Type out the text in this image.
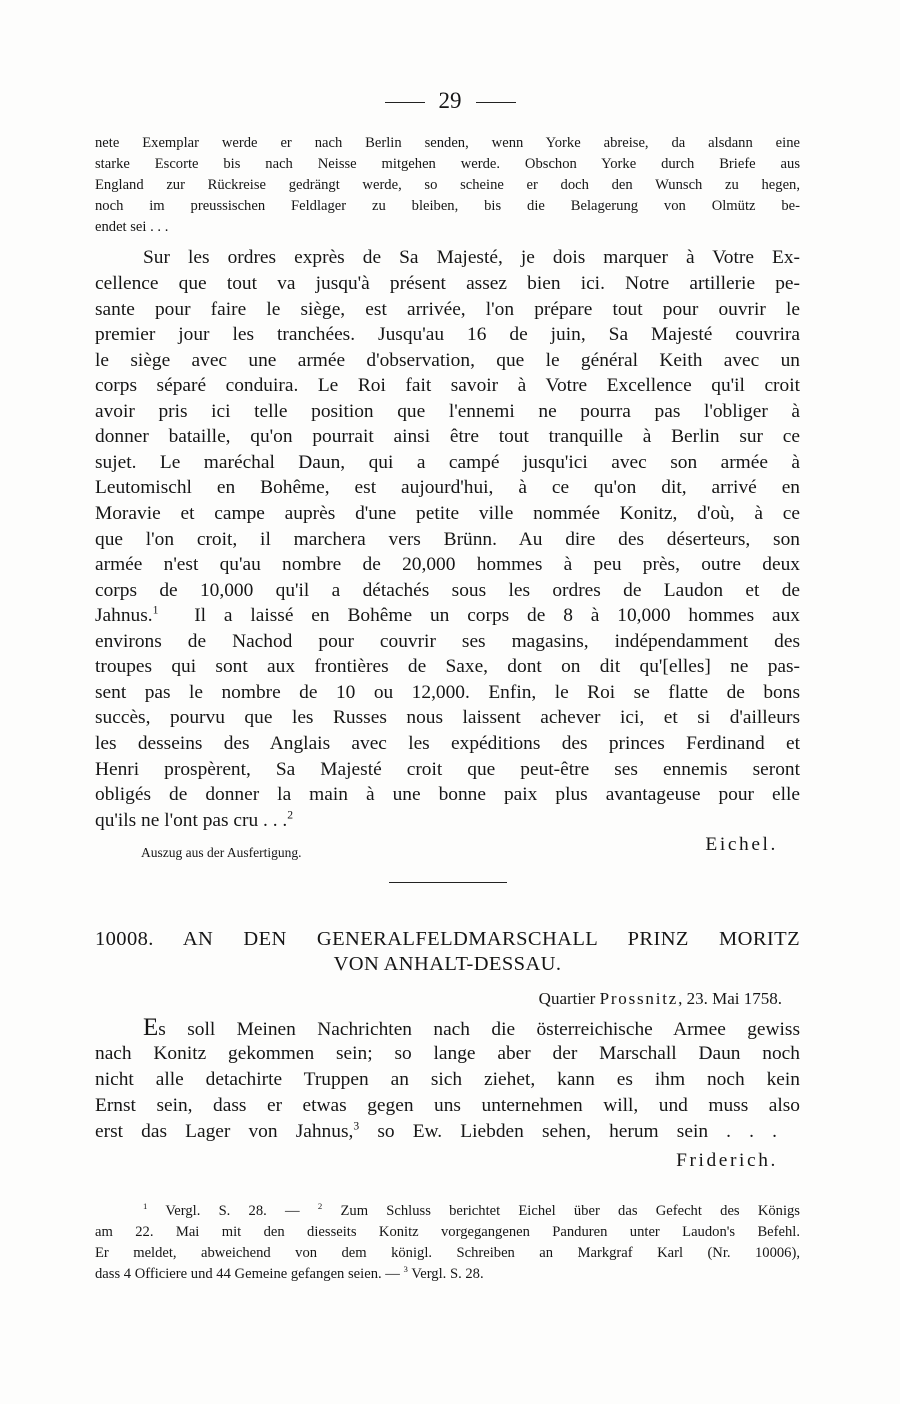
29
nete Exemplar werde er nach Berlin senden, wenn Yorke abreise, da alsdann eine
starke Escorte bis nach Neisse mitgehen werde. Obschon Yorke durch Briefe aus
England zur Rückreise gedrängt werde, so scheine er doch den Wunsch zu hegen,
noch im preussischen Feldlager zu bleiben, bis die Belagerung von Olmütz be-
endet sei . . .
Sur les ordres exprès de Sa Majesté, je dois marquer à Votre Ex-
cellence que tout va jusqu'à présent assez bien ici. Notre artillerie pe-
sante pour faire le siège, est arrivée, l'on prépare tout pour ouvrir le
premier jour les tranchées. Jusqu'au 16 de juin, Sa Majesté couvrira
le siège avec une armée d'observation, que le général Keith avec un
corps séparé conduira. Le Roi fait savoir à Votre Excellence qu'il croit
avoir pris ici telle position que l'ennemi ne pourra pas l'obliger à
donner bataille, qu'on pourrait ainsi être tout tranquille à Berlin sur ce
sujet. Le maréchal Daun, qui a campé jusqu'ici avec son armée à
Leutomischl en Bohême, est aujourd'hui, à ce qu'on dit, arrivé en
Moravie et campe auprès d'une petite ville nommée Konitz, d'où, à ce
que l'on croit, il marchera vers Brünn. Au dire des déserteurs, son
armée n'est qu'au nombre de 20,000 hommes à peu près, outre deux
corps de 10,000 qu'il a détachés sous les ordres de Laudon et de
Jahnus.$^1$ Il a laissé en Bohême un corps de 8 à 10,000 hommes aux
environs de Nachod pour couvrir ses magasins, indépendamment des
troupes qui sont aux frontières de Saxe, dont on dit qu'[elles] ne pas-
sent pas le nombre de 10 ou 12,000. Enfin, le Roi se flatte de bons
succès, pourvu que les Russes nous laissent achever ici, et si d'ailleurs
les desseins des Anglais avec les expéditions des princes Ferdinand et
Henri prospèrent, Sa Majesté croit que peut-être ses ennemis seront
obligés de donner la main à une bonne paix plus avantageuse pour elle
qu'ils ne l'ont pas cru . . .$^2$
Auszug aus der Ausfertigung.	Eichel.
10008. AN DEN GENERALFELDMARSCHALL PRINZ MORITZ
VON ANHALT-DESSAU.
Quartier Prossnitz, 23. Mai 1758.
Es soll Meinen Nachrichten nach die österreichische Armee gewiss
nach Konitz gekommen sein; so lange aber der Marschall Daun noch
nicht alle detachirte Truppen an sich ziehet, kann es ihm noch kein
Ernst sein, dass er etwas gegen uns unternehmen will, und muss also
erst das Lager von Jahnus,$^3$ so Ew. Liebden sehen, herum sein . . .
Friderich.
$^1$ Vergl. S. 28. — $^2$ Zum Schluss berichtet Eichel über das Gefecht des Königs
am 22. Mai mit den diesseits Konitz vorgegangenen Panduren unter Laudon's Befehl.
Er meldet, abweichend von dem königl. Schreiben an Markgraf Karl (Nr. 10006),
dass 4 Officiere und 44 Gemeine gefangen seien. — $^3$ Vergl. S. 28.
